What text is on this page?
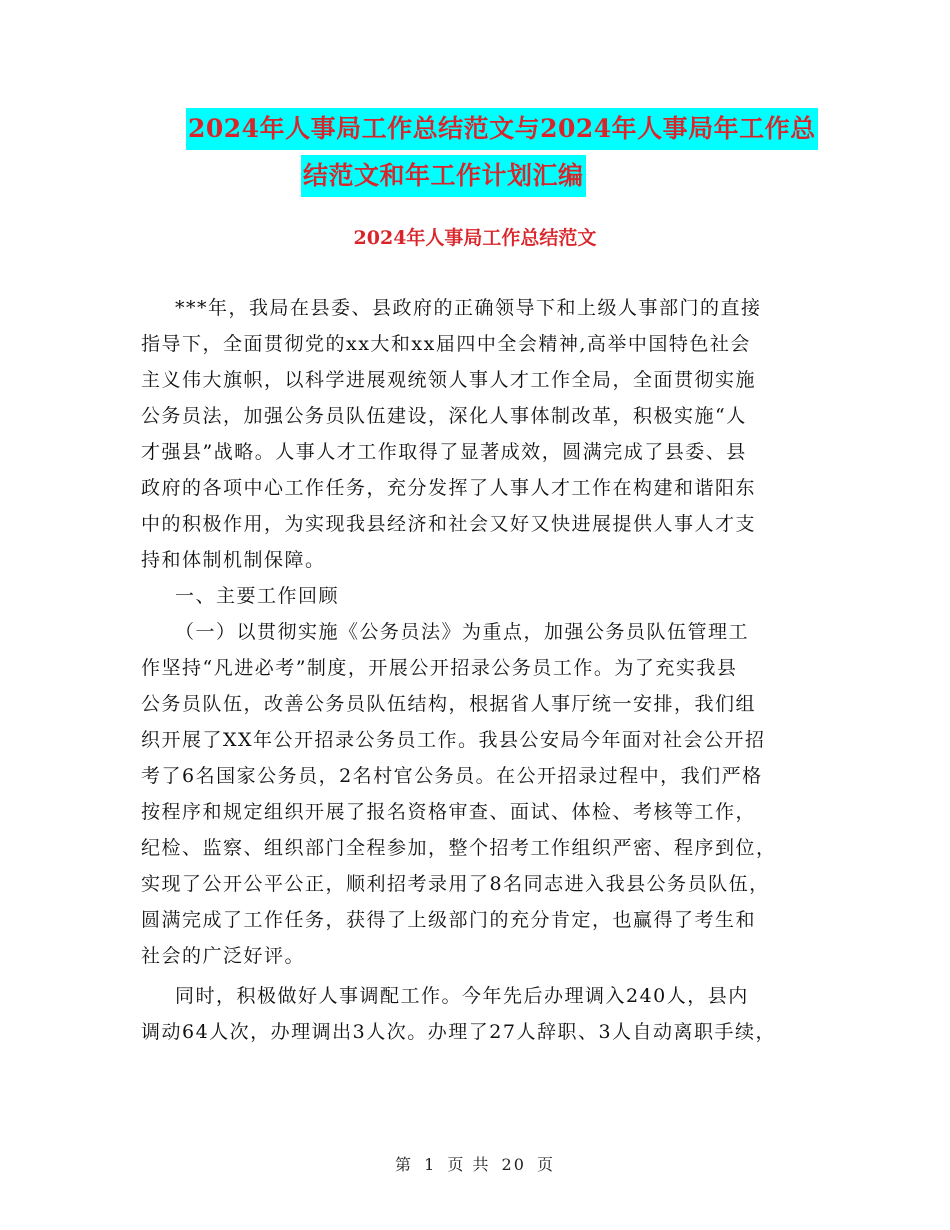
2024年人事局工作总结范文与2024年人事局年工作总
结范文和年工作计划汇编
2024年人事局工作总结范文
***年，我局在县委、县政府的正确领导下和上级人事部门的直接
指导下，全面贯彻党的xx大和xx届四中全会精神,高举中国特色社会
主义伟大旗帜，以科学进展观统领人事人才工作全局，全面贯彻实施
公务员法，加强公务员队伍建设，深化人事体制改革，积极实施“人
才强县”战略。人事人才工作取得了显著成效，圆满完成了县委、县
政府的各项中心工作任务，充分发挥了人事人才工作在构建和谐阳东
中的积极作用，为实现我县经济和社会又好又快进展提供人事人才支
持和体制机制保障。
一、主要工作回顾
（一）以贯彻实施《公务员法》为重点，加强公务员队伍管理工
作坚持“凡进必考”制度，开展公开招录公务员工作。为了充实我县
公务员队伍，改善公务员队伍结构，根据省人事厅统一安排，我们组
织开展了XX年公开招录公务员工作。我县公安局今年面对社会公开招
考了6名国家公务员，2名村官公务员。在公开招录过程中，我们严格
按程序和规定组织开展了报名资格审查、面试、体检、考核等工作，
纪检、监察、组织部门全程参加，整个招考工作组织严密、程序到位，
实现了公开公平公正，顺利招考录用了8名同志进入我县公务员队伍，
圆满完成了工作任务，获得了上级部门的充分肯定，也赢得了考生和
社会的广泛好评。
同时，积极做好人事调配工作。今年先后办理调入240人，县内
调动64人次，办理调出3人次。办理了27人辞职、3人自动离职手续，
第 1 页 共 20 页
